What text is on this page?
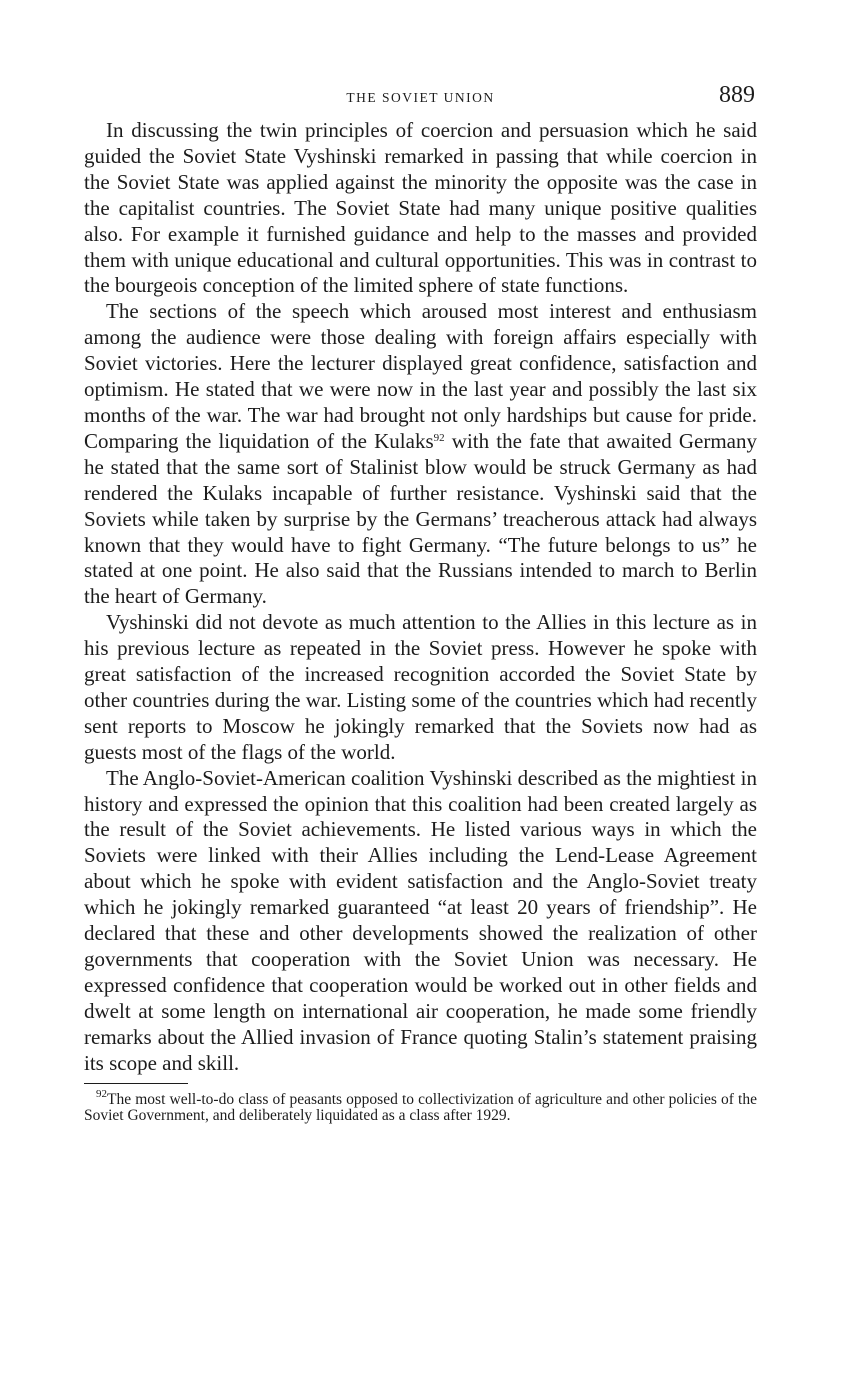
THE SOVIET UNION	889

In discussing the twin principles of coercion and persuasion which he said guided the Soviet State Vyshinski remarked in passing that while coercion in the Soviet State was applied against the minority the opposite was the case in the capitalist countries. The Soviet State had many unique positive qualities also. For example it furnished guidance and help to the masses and provided them with unique educational and cultural opportunities. This was in contrast to the bourgeois conception of the limited sphere of state functions.

The sections of the speech which aroused most interest and enthusiasm among the audience were those dealing with foreign affairs especially with Soviet victories. Here the lecturer displayed great confidence, satisfaction and optimism. He stated that we were now in the last year and possibly the last six months of the war. The war had brought not only hardships but cause for pride. Comparing the liquidation of the Kulaks$^{92}$ with the fate that awaited Germany he stated that the same sort of Stalinist blow would be struck Germany as had rendered the Kulaks incapable of further resistance. Vyshinski said that the Soviets while taken by surprise by the Germans’ treacherous attack had always known that they would have to fight Germany. “The future belongs to us” he stated at one point. He also said that the Russians intended to march to Berlin the heart of Germany.

Vyshinski did not devote as much attention to the Allies in this lecture as in his previous lecture as repeated in the Soviet press. However he spoke with great satisfaction of the increased recognition accorded the Soviet State by other countries during the war. Listing some of the countries which had recently sent reports to Moscow he jokingly remarked that the Soviets now had as guests most of the flags of the world.

The Anglo-Soviet-American coalition Vyshinski described as the mightiest in history and expressed the opinion that this coalition had been created largely as the result of the Soviet achievements. He listed various ways in which the Soviets were linked with their Allies including the Lend-Lease Agreement about which he spoke with evident satisfaction and the Anglo-Soviet treaty which he jokingly remarked guaranteed “at least 20 years of friendship”. He declared that these and other developments showed the realization of other governments that cooperation with the Soviet Union was necessary. He expressed confidence that cooperation would be worked out in other fields and dwelt at some length on international air cooperation, he made some friendly remarks about the Allied invasion of France quoting Stalin’s statement praising its scope and skill.

$^{92}$The most well-to-do class of peasants opposed to collectivization of agriculture and other policies of the Soviet Government, and deliberately liquidated as a class after 1929.
